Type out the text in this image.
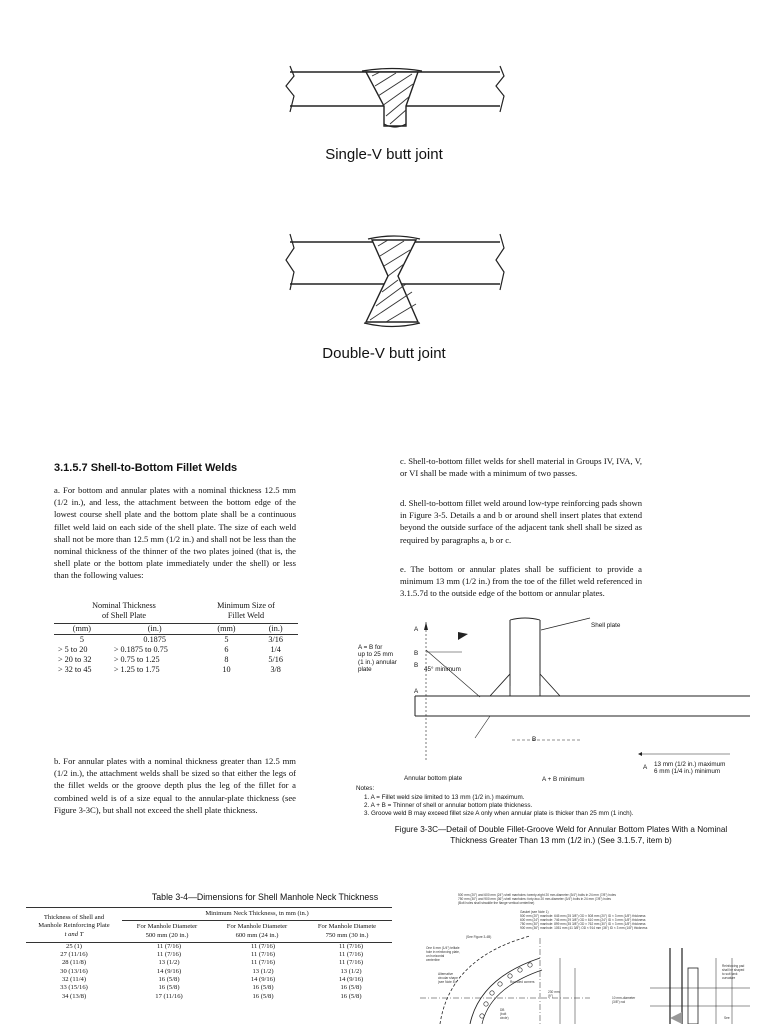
Single-V butt joint
Double-V butt joint
3.1.5.7 Shell-to-Bottom Fillet Welds
a. For bottom and annular plates with a nominal thickness 12.5 mm (1/2 in.), and less, the attachment between the bottom edge of the lowest course shell plate and the bottom plate shall be a continuous fillet weld laid on each side of the shell plate. The size of each weld shall not be more than 12.5 mm (1/2 in.) and shall not be less than the nominal thickness of the thinner of the two plates joined (that is, the shell plate or the bottom plate immediately under the shell) or less than the following values:
Nominal Thickness
of Shell Plate
Minimum Size of
Fillet Weld
(mm)	(in.)	(mm)	(in.)

5	0.1875	5	3/16
> 5 to 20	> 0.1875 to 0.75	6	1/4
> 20 to 32	> 0.75 to 1.25	8	5/16
> 32 to 45	> 1.25 to 1.75	10	3/8
b. For annular plates with a nominal thickness greater than 12.5 mm (1/2 in.), the attachment welds shall be sized so that either the legs of the fillet welds or the groove depth plus the leg of the fillet for a combined weld is of a size equal to the annular-plate thickness (see Figure 3-3C), but shall not exceed the shell plate thickness.
c. Shell-to-bottom fillet welds for shell material in Groups IV, IVA, V, or VI shall be made with a minimum of two passes.
d. Shell-to-bottom fillet weld around low-type reinforcing pads shown in Figure 3-5. Details a and b or around shell insert plates that extend beyond the outside surface of the adjacent tank shell shall be sized as required by paragraphs a, b or c.
e. The bottom or annular plates shall be sufficient to provide a minimum 13 mm (1/2 in.) from the toe of the fillet weld referenced in 3.1.5.7d to the outside edge of the bottom or annular plates.
Shell plate
A
B
B
A
A = B for
up to 25 mm
(1 in.) annular
plate	45° minimum
B
A 13 mm (1/2 in.) maximum
6 mm (1/4 in.) minimum
Annular bottom plate	A + B minimum
Notes:
1. A = Fillet weld size limited to 13 mm (1/2 in.) maximum.
2. A + B = Thinner of shell or annular bottom plate thickness.
3. Groove weld B may exceed fillet size A only when annular plate is thicker than 25 mm (1 inch).
Figure 3-3C—Detail of Double Fillet-Groove Weld for Annular Bottom Plates With a Nominal
Thickness Greater Than 13 mm (1/2 in.) (See 3.1.5.7, item b)
Table 3-4—Dimensions for Shell Manhole Neck Thickness
Thickness of Shell and
Manhole Reinforcing Plate
t and T
Minimum Neck Thickness, tn mm (in.)
For Manhole Diameter
500 mm (20 in.)
For Manhole Diameter
600 mm (24 in.)
For Manhole Diamete
750 mm (30 in.)
25 (1)	11 (7/16)	11 (7/16)	11 (7/16)
27 (11/16)	11 (7/16)	11 (7/16)	11 (7/16)
28 (11/8)	13 (1/2)	11 (7/16)	11 (7/16)
30 (13/16)	14 (9/16)	13 (1/2)	13 (1/2)
32 (11/4)	16 (5/8)	14 (9/16)	14 (9/16)
33 (15/16)	16 (5/8)	16 (5/8)	16 (5/8)
34 (13/8)	17 (11/16)	16 (5/8)	16 (5/8)
500 mm (20") and 600 mm (24") shell manholes: twenty-eight 20 mm-diameter (3/4") bolts in 24 mm (7/8") holes
750 mm (30") and 900 mm (36") shell manholes: forty-two 20 mm-diameter (3/4") bolts in 24 mm (7/8") holes
(Bolt holes shall straddle the flange vertical centerline)
Gasket (see Note 1)
500 mm (20") manhole: 645 mm (25 3/8") OD × 508 mm (20") ID × 3 mm (1/8") thickness
600 mm (24") manhole: 746 mm (29 3/8") OD × 610 mm (24") ID × 3 mm (1/8") thickness
750 mm (30") manhole: 899 mm (35 3/8") OD × 762 mm (30") ID × 3 mm (1/8") thickness
900 mm (36") manhole: 1051 mm (41 3/8") OD × 914 mm (36") ID × 3 mm (1/8") thickness
(See Figure 3-4B)
One 6 mm (1/4") telltale
hole in reinforcing plate,
on horizontal
centerline
Alternative
circular shape
(see Note 8)
DB
(bolt
circle)
230 mm
(9")
Rounded corners
10 mm-diameter
(3/8") rod
Reinforcing pad
shall be shaped
to suit tank
curvature
See
